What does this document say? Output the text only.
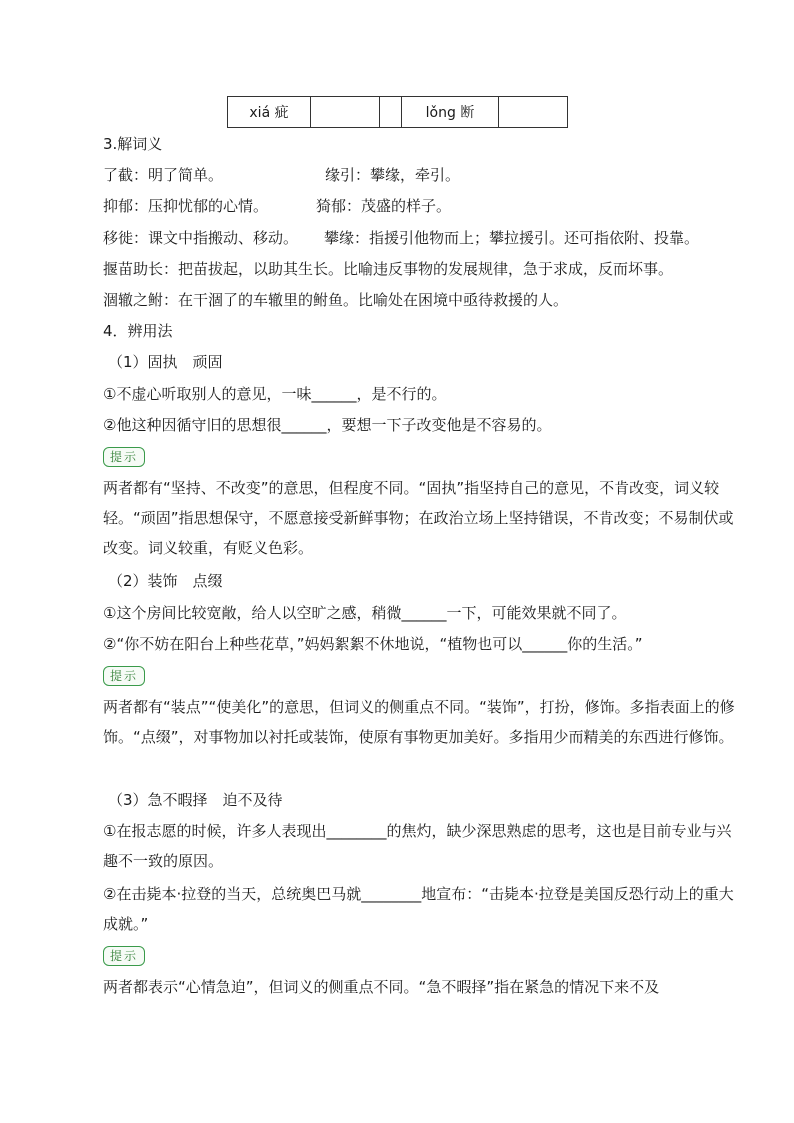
xiá 疵			lǒng 断	
3.解词义
了截：明了简单。	缘引：攀缘，牵引。
抑郁：压抑忧郁的心情。	猗郁：茂盛的样子。
移徙：课文中指搬动、移动。 攀缘：指援引他物而上；攀拉援引。还可指依附、投靠。
揠苗助长：把苗拔起，以助其生长。比喻违反事物的发展规律，急于求成，反而坏事。
涸辙之鲋：在干涸了的车辙里的鲋鱼。比喻处在困境中亟待救援的人。
4．辨用法
（1）固执　顽固
①不虚心听取别人的意见，一味______，是不行的。
②他这种因循守旧的思想很______，要想一下子改变他是不容易的。
提示
两者都有“坚持、不改变”的意思，但程度不同。“固执”指坚持自己的意见，不肯改变，词义较轻。“顽固”指思想保守，不愿意接受新鲜事物；在政治立场上坚持错误，不肯改变；不易制伏或改变。词义较重，有贬义色彩。
（2）装饰　点缀
①这个房间比较宽敞，给人以空旷之感，稍微______一下，可能效果就不同了。
②“你不妨在阳台上种些花草，”妈妈絮絮不休地说，“植物也可以______你的生活。”
提示
两者都有“装点”“使美化”的意思，但词义的侧重点不同。“装饰”，打扮，修饰。多指表面上的修饰。“点缀”，对事物加以衬托或装饰，使原有事物更加美好。多指用少而精美的东西进行修饰。
（3）急不暇择　迫不及待
①在报志愿的时候，许多人表现出________的焦灼，缺少深思熟虑的思考，这也是目前专业与兴趣不一致的原因。
②在击毙本·拉登的当天，总统奥巴马就________地宣布：“击毙本·拉登是美国反恐行动上的重大成就。”
提示
两者都表示“心情急迫”，但词义的侧重点不同。“急不暇择”指在紧急的情况下来不及
